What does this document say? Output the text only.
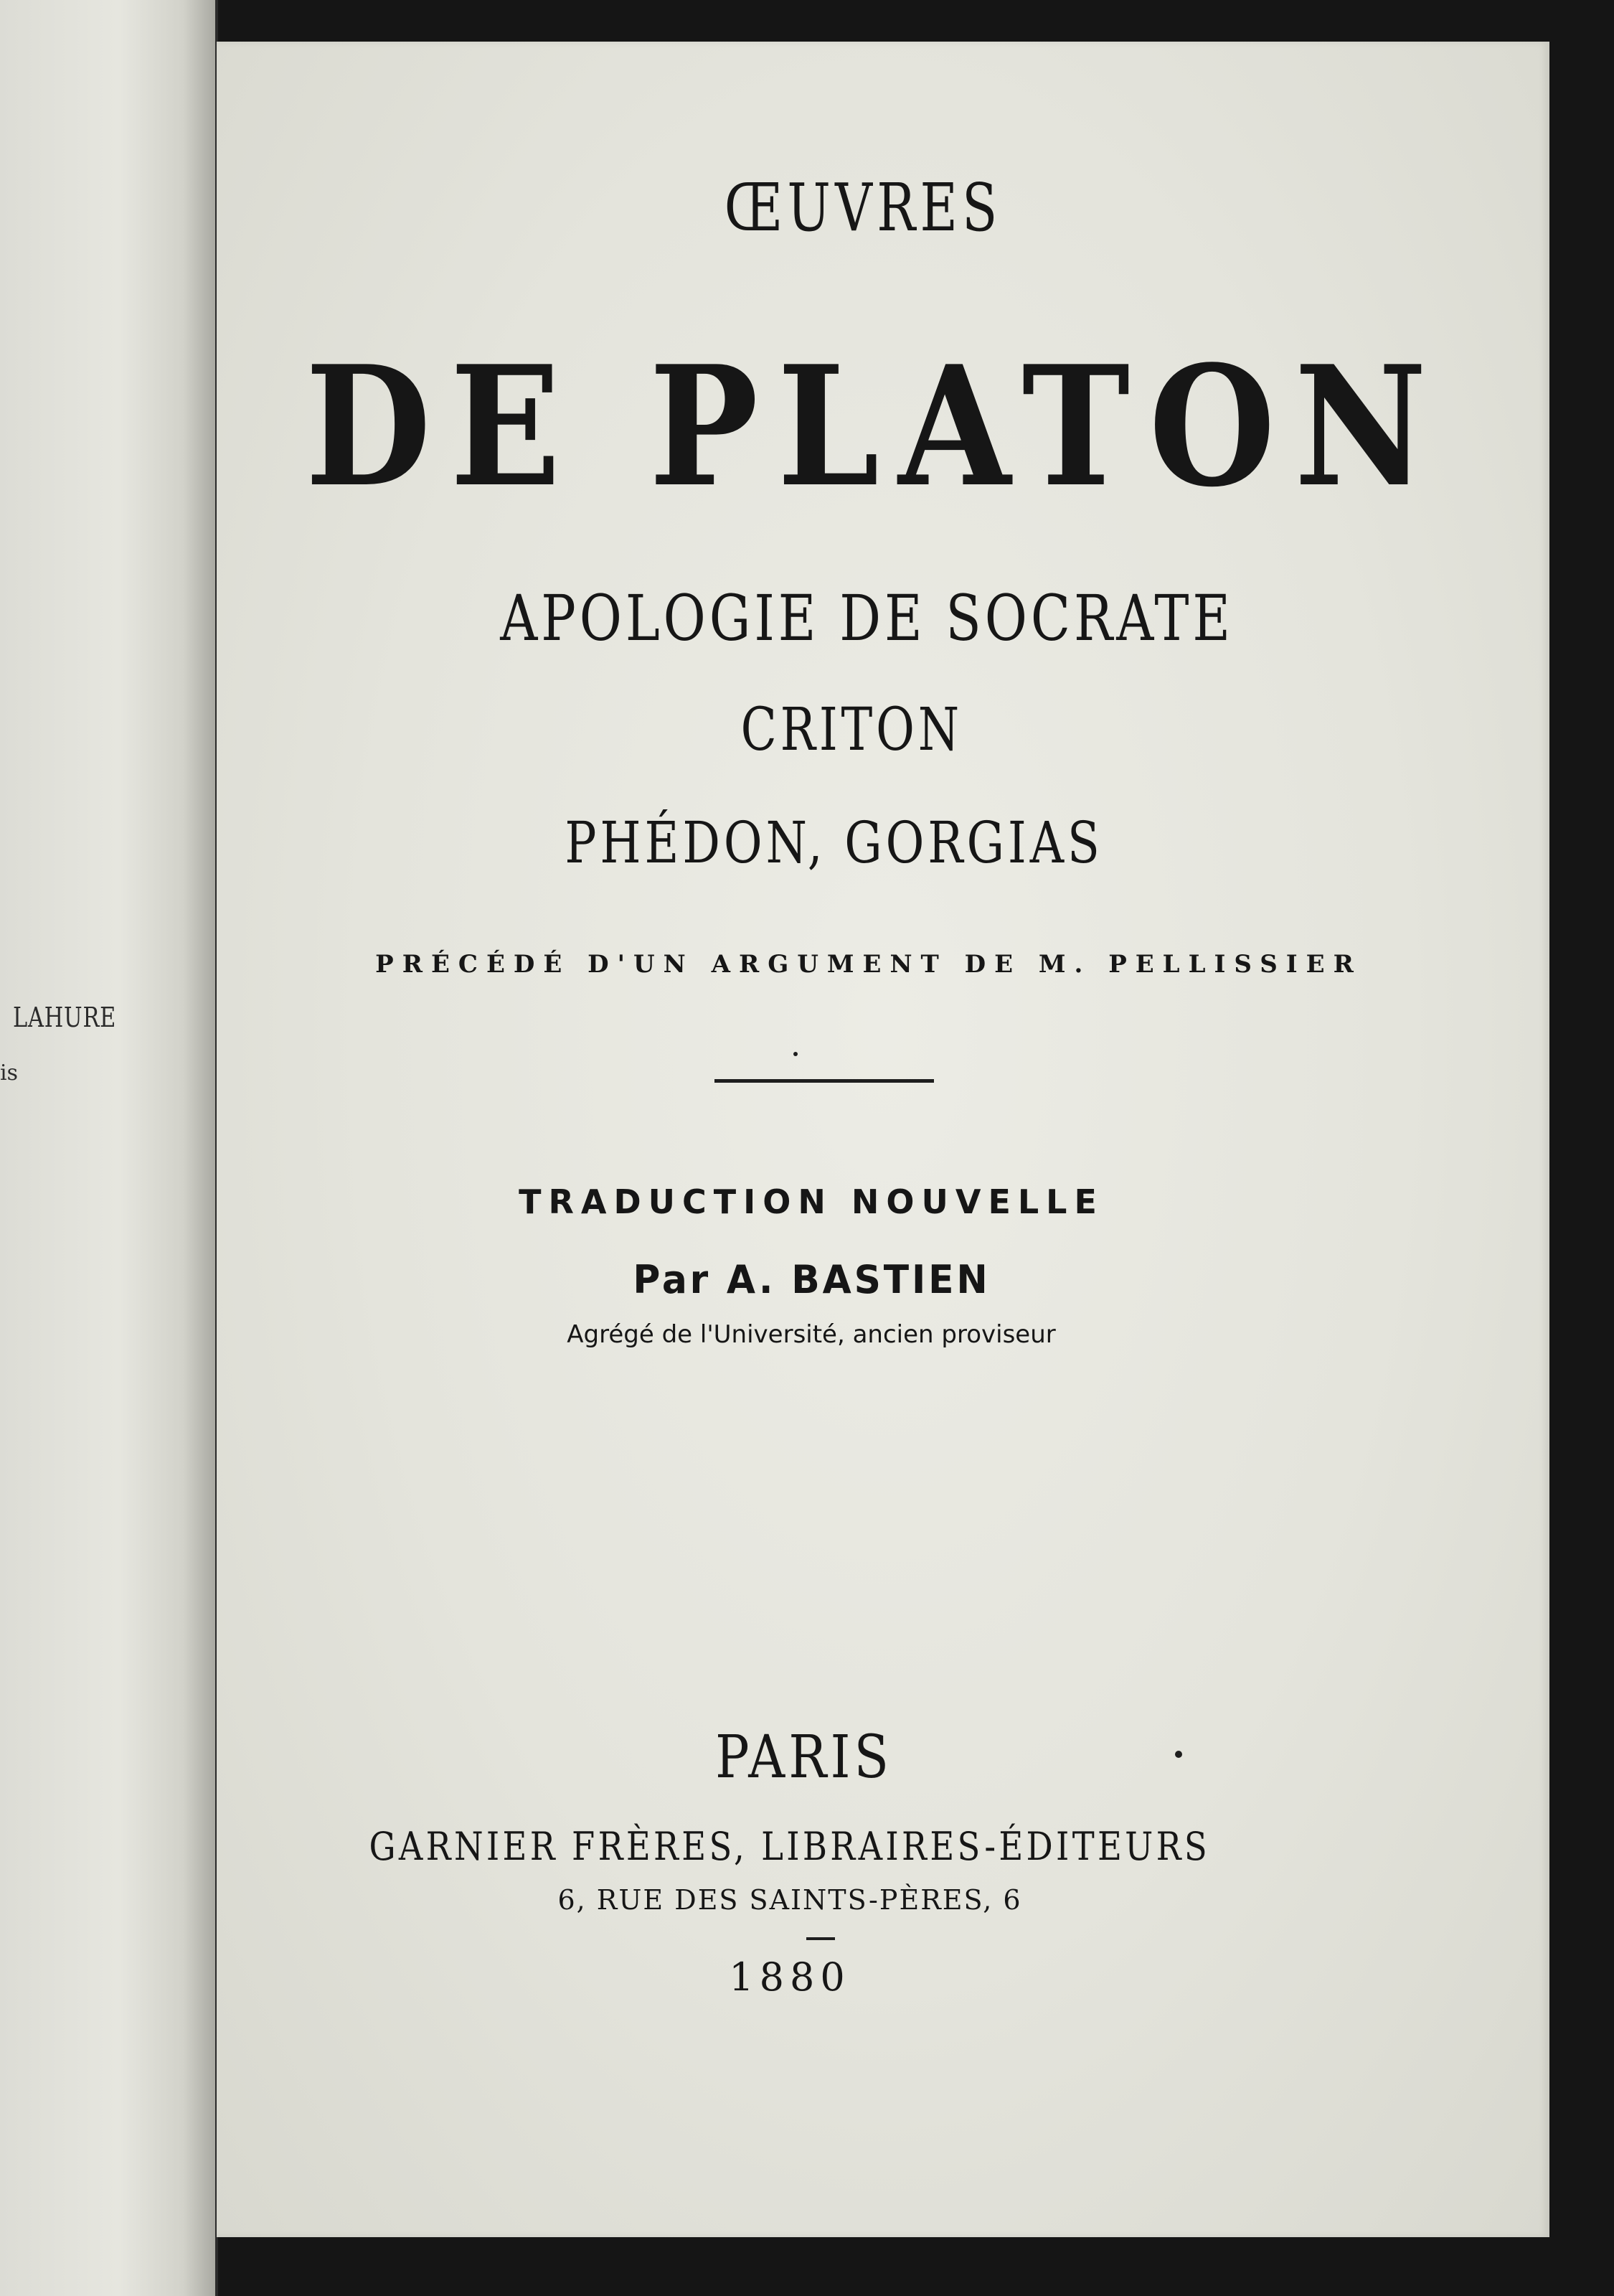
LAHURE
is
ŒUVRES
DE PLATON
APOLOGIE DE SOCRATE
CRITON
PHÉDON, GORGIAS
PRÉCÉDÉ D'UN ARGUMENT DE M. PELLISSIER
TRADUCTION NOUVELLE
Par A. BASTIEN
Agrégé de l'Université, ancien proviseur
PARIS
GARNIER FRÈRES, LIBRAIRES-ÉDITEURS
6, RUE DES SAINTS-PÈRES, 6
1880
